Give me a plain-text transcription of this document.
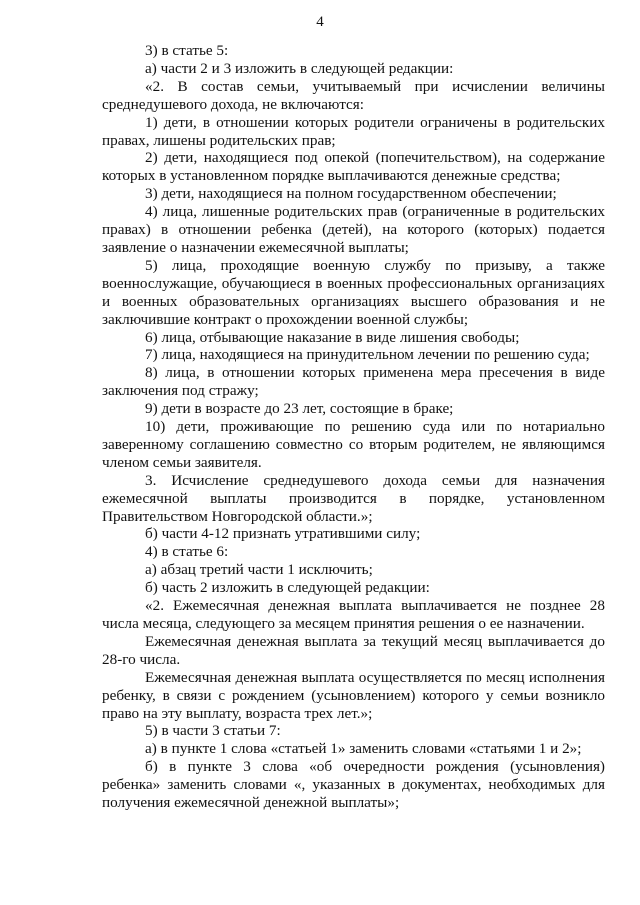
4

3) в статье 5:

а) части 2 и 3 изложить в следующей редакции:

«2. В состав семьи, учитываемый при исчислении величины среднедушевого дохода, не включаются:

1) дети, в отношении которых родители ограничены в родительских правах, лишены родительских прав;

2) дети, находящиеся под опекой (попечительством), на содержание которых в установленном порядке выплачиваются денежные средства;

3) дети, находящиеся на полном государственном обеспечении;

4) лица, лишенные родительских прав (ограниченные в родительских правах) в отношении ребенка (детей), на которого (которых) подается заявление о назначении ежемесячной выплаты;

5) лица, проходящие военную службу по призыву, а также военнослужащие, обучающиеся в военных профессиональных организациях и военных образовательных организациях высшего образования и не заключившие контракт о прохождении военной службы;

6) лица, отбывающие наказание в виде лишения свободы;

7) лица, находящиеся на принудительном лечении по решению суда;

8) лица, в отношении которых применена мера пресечения в виде заключения под стражу;

9) дети в возрасте до 23 лет, состоящие в браке;

10) дети, проживающие по решению суда или по нотариально заверенному соглашению совместно со вторым родителем, не являющимся членом семьи заявителя.

3. Исчисление среднедушевого дохода семьи для назначения ежемесячной выплаты производится в порядке, установленном Правительством Новгородской области.»;

б) части 4-12 признать утратившими силу;

4) в статье 6:

а) абзац третий части 1 исключить;

б) часть 2 изложить в следующей редакции:

«2. Ежемесячная денежная выплата выплачивается не позднее 28 числа месяца, следующего за месяцем принятия решения о ее назначении.

Ежемесячная денежная выплата за текущий месяц выплачивается до 28-го числа.

Ежемесячная денежная выплата осуществляется по месяц исполнения ребенку, в связи с рождением (усыновлением) которого у семьи возникло право на эту выплату, возраста трех лет.»;

5) в части 3 статьи 7:

а) в пункте 1 слова «статьей 1» заменить словами «статьями 1 и 2»;

б) в пункте 3 слова «об очередности рождения (усыновления) ребенка» заменить словами «, указанных в документах, необходимых для получения ежемесячной денежной выплаты»;
